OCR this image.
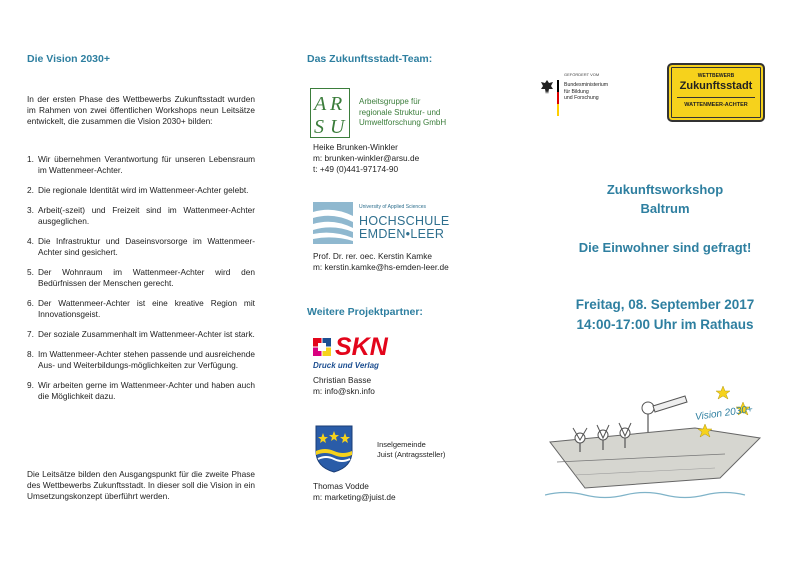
Die Vision 2030+
In der ersten Phase des Wettbewerbs Zukunftsstadt wurden im Rahmen von zwei öffentlichen Workshops neun Leitsätze entwickelt, die zusammen die Vision 2030+ bilden:
1. Wir übernehmen Verantwortung für unseren Lebensraum im Wattenmeer-Achter.
2. Die regionale Identität wird im Wattenmeer-Achter gelebt.
3. Arbeit(-szeit) und Freizeit sind im Wattenmeer-Achter ausgeglichen.
4. Die Infrastruktur und Daseinsvorsorge im Wattenmeer-Achter sind gesichert.
5. Der Wohnraum im Wattenmeer-Achter wird den Bedürfnissen der Menschen gerecht.
6. Der Wattenmeer-Achter ist eine kreative Region mit Innovationsgeist.
7. Der soziale Zusammenhalt im Wattenmeer-Achter ist stark.
8. Im Wattenmeer-Achter stehen passende und ausreichende Aus- und Weiterbildungs-möglichkeiten zur Verfügung.
9. Wir arbeiten gerne im Wattenmeer-Achter und haben auch die Möglichkeit dazu.
Die Leitsätze bilden den Ausgangspunkt für die zweite Phase des Wettbewerbs Zukunftsstadt. In dieser soll die Vision in ein Umsetzungskonzept überführt werden.
Das Zukunftsstadt-Team:
A R
S U
Arbeitsgruppe für
regionale Struktur- und
Umweltforschung GmbH
Heike Brunken-Winkler
m: brunken-winkler@arsu.de
t: +49 (0)441-97174-90
University of Applied Sciences
HOCHSCHULE
EMDEN•LEER
Prof. Dr. rer. oec. Kerstin Kamke
m: kerstin.kamke@hs-emden-leer.de
Weitere Projektpartner:
SKN
Druck und Verlag
Christian Basse
m: info@skn.info
Inselgemeinde
Juist (Antragssteller)
Thomas Vodde
m: marketing@juist.de
GEFÖRDERT VOM
Bundesministerium
für Bildung
und Forschung
WETTBEWERB
Zukunftsstadt
WATTENMEER-ACHTER
Zukunftsworkshop
Baltrum
Die Einwohner sind gefragt!
Freitag, 08. September 2017
14:00-17:00 Uhr im Rathaus
Vision 2030+
